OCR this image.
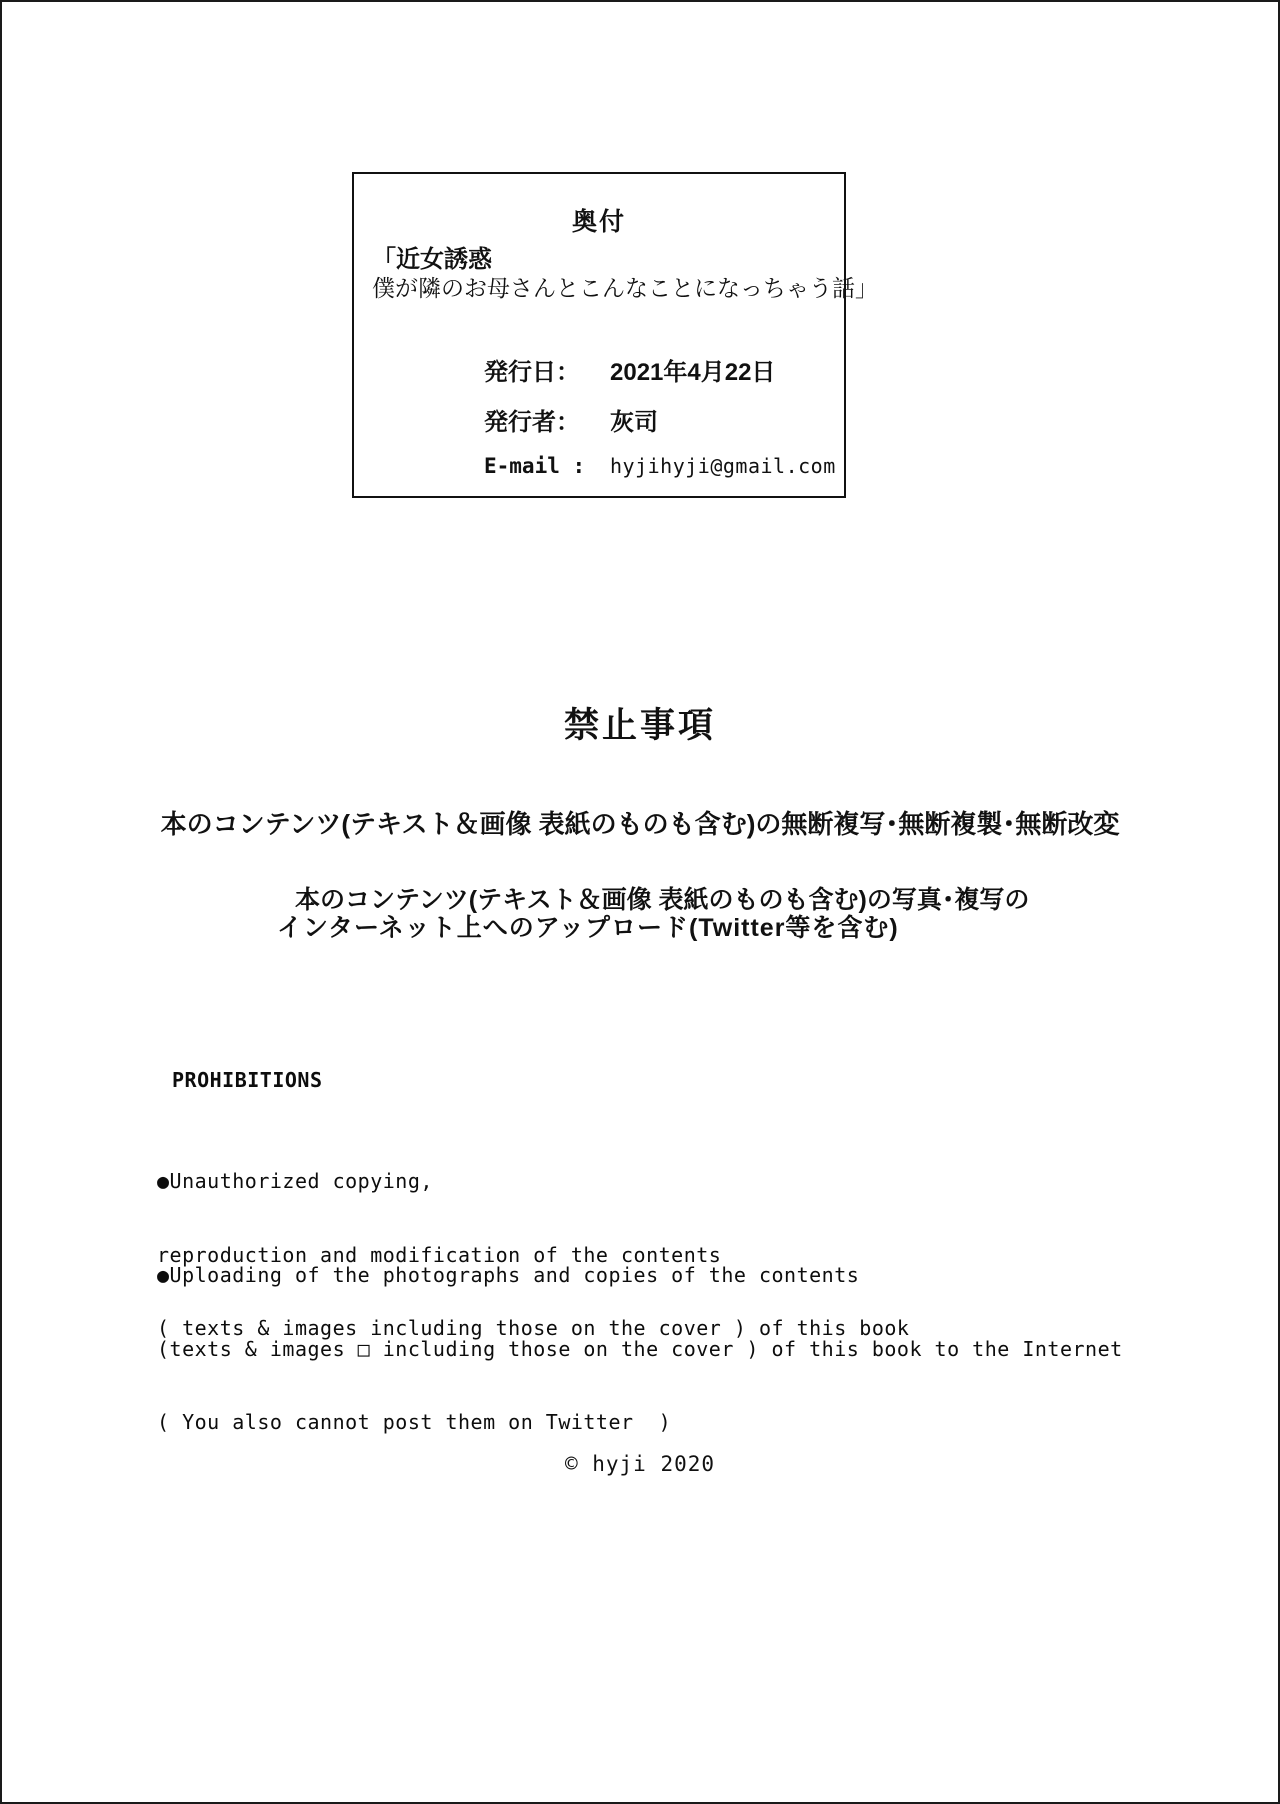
奥付
「近女誘惑
僕が隣のお母さんとこんなことになっちゃう話」
発行日： 2021年4月22日
発行者： 灰司
E-mail : hyjihyji@gmail.com
禁止事項
本のコンテンツ(テキスト＆画像 表紙のものも含む)の無断複写･無断複製･無断改変
本のコンテンツ(テキスト＆画像 表紙のものも含む)の写真･複写の
インターネット上へのアップロード(Twitter等を含む)
PROHIBITIONS

●Unauthorized copying,

reproduction and modification of the contents

( texts & images including those on the cover ) of this book

●Uploading of the photographs and copies of the contents

(texts & images □ including those on the cover ) of this book to the Internet

( You also cannot post them on Twitter  )

© hyji 2020
